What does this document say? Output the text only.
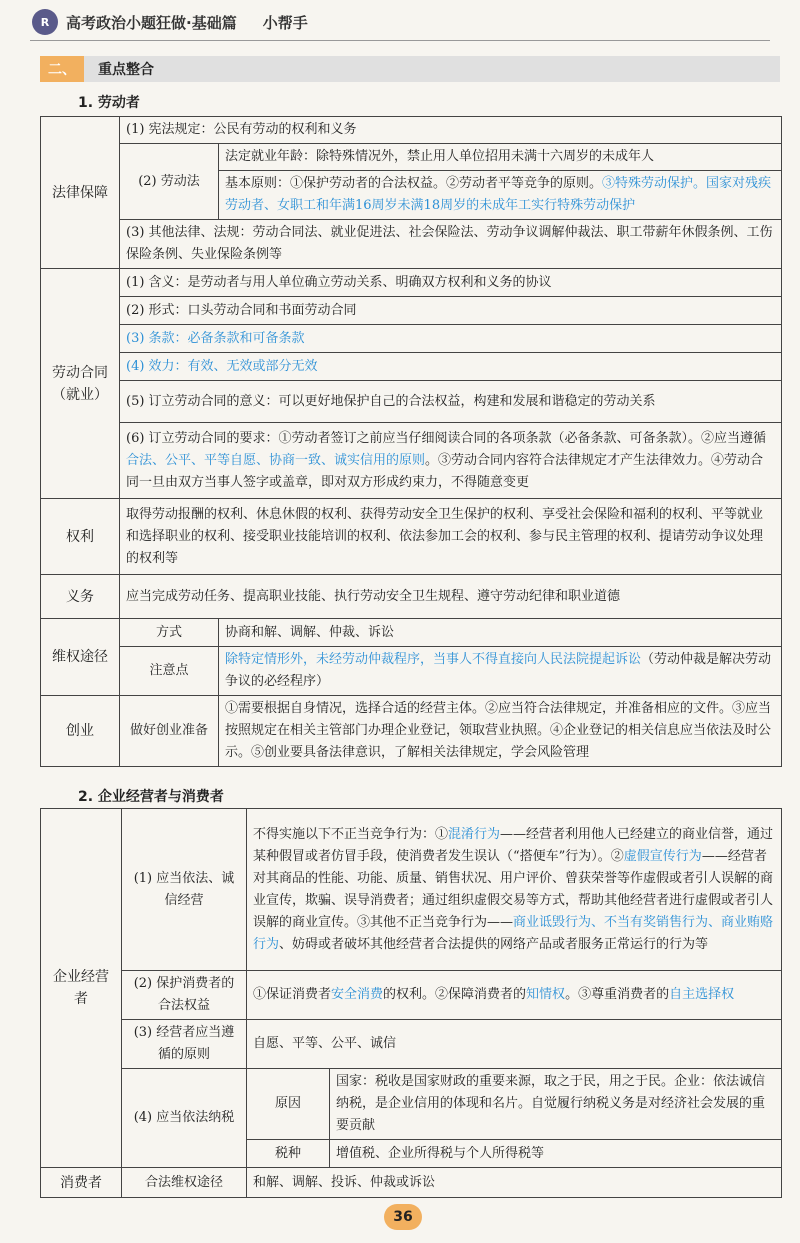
R	高考政治小题狂做·基础篇 小帮手
二、	重点整合
1. 劳动者
法律保障	(1) 宪法规定：公民有劳动的权利和义务	
	(2) 劳动法	法定就业年龄：除特殊情况外，禁止用人单位招用未满十六周岁的未成年人
		基本原则：①保护劳动者的合法权益。②劳动者平等竞争的原则。③特殊劳动保护。国家对残疾劳动者、女职工和年满16周岁未满18周岁的未成年工实行特殊劳动保护
	(3) 其他法律、法规：劳动合同法、就业促进法、社会保险法、劳动争议调解仲裁法、职工带薪年休假条例、工伤保险条例、失业保险条例等	
劳动合同（就业）	(1) 含义：是劳动者与用人单位确立劳动关系、明确双方权利和义务的协议	
	(2) 形式：口头劳动合同和书面劳动合同	
	(3) 条款：必备条款和可备条款	
	(4) 效力：有效、无效或部分无效	
	(5) 订立劳动合同的意义：可以更好地保护自己的合法权益，构建和发展和谐稳定的劳动关系	
	(6) 订立劳动合同的要求：①劳动者签订之前应当仔细阅读合同的各项条款（必备条款、可备条款）。②应当遵循合法、公平、平等自愿、协商一致、诚实信用的原则。③劳动合同内容符合法律规定才产生法律效力。④劳动合同一旦由双方当事人签字或盖章，即对双方形成约束力，不得随意变更	
权利	取得劳动报酬的权利、休息休假的权利、获得劳动安全卫生保护的权利、享受社会保险和福利的权利、平等就业和选择职业的权利、接受职业技能培训的权利、依法参加工会的权利、参与民主管理的权利、提请劳动争议处理的权利等	
义务	应当完成劳动任务、提高职业技能、执行劳动安全卫生规程、遵守劳动纪律和职业道德	
维权途径	方式	协商和解、调解、仲裁、诉讼
	注意点	除特定情形外，未经劳动仲裁程序，当事人不得直接向人民法院提起诉讼（劳动仲裁是解决劳动争议的必经程序）
创业	做好创业准备	①需要根据自身情况，选择合适的经营主体。②应当符合法律规定，并准备相应的文件。③应当按照规定在相关主管部门办理企业登记，领取营业执照。④企业登记的相关信息应当依法及时公示。⑤创业要具备法律意识，了解相关法律规定，学会风险管理
2. 企业经营者与消费者
企业经营者	(1) 应当依法、诚信经营	不得实施以下不正当竞争行为：①混淆行为——经营者利用他人已经建立的商业信誉，通过某种假冒或者仿冒手段，使消费者发生误认（“搭便车”行为）。②虚假宣传行为——经营者对其商品的性能、功能、质量、销售状况、用户评价、曾获荣誉等作虚假或者引人误解的商业宣传，欺骗、误导消费者；通过组织虚假交易等方式，帮助其他经营者进行虚假或者引人误解的商业宣传。③其他不正当竞争行为——商业诋毁行为、不当有奖销售行为、商业贿赂行为、妨碍或者破坏其他经营者合法提供的网络产品或者服务正常运行的行为等	
	(2) 保护消费者的合法权益	①保证消费者安全消费的权利。②保障消费者的知情权。③尊重消费者的自主选择权	
	(3) 经营者应当遵循的原则	自愿、平等、公平、诚信	
	(4) 应当依法纳税	原因	国家：税收是国家财政的重要来源，取之于民，用之于民。企业：依法诚信纳税，是企业信用的体现和名片。自觉履行纳税义务是对经济社会发展的重要贡献
		税种	增值税、企业所得税与个人所得税等
消费者	合法维权途径	和解、调解、投诉、仲裁或诉讼	
36
